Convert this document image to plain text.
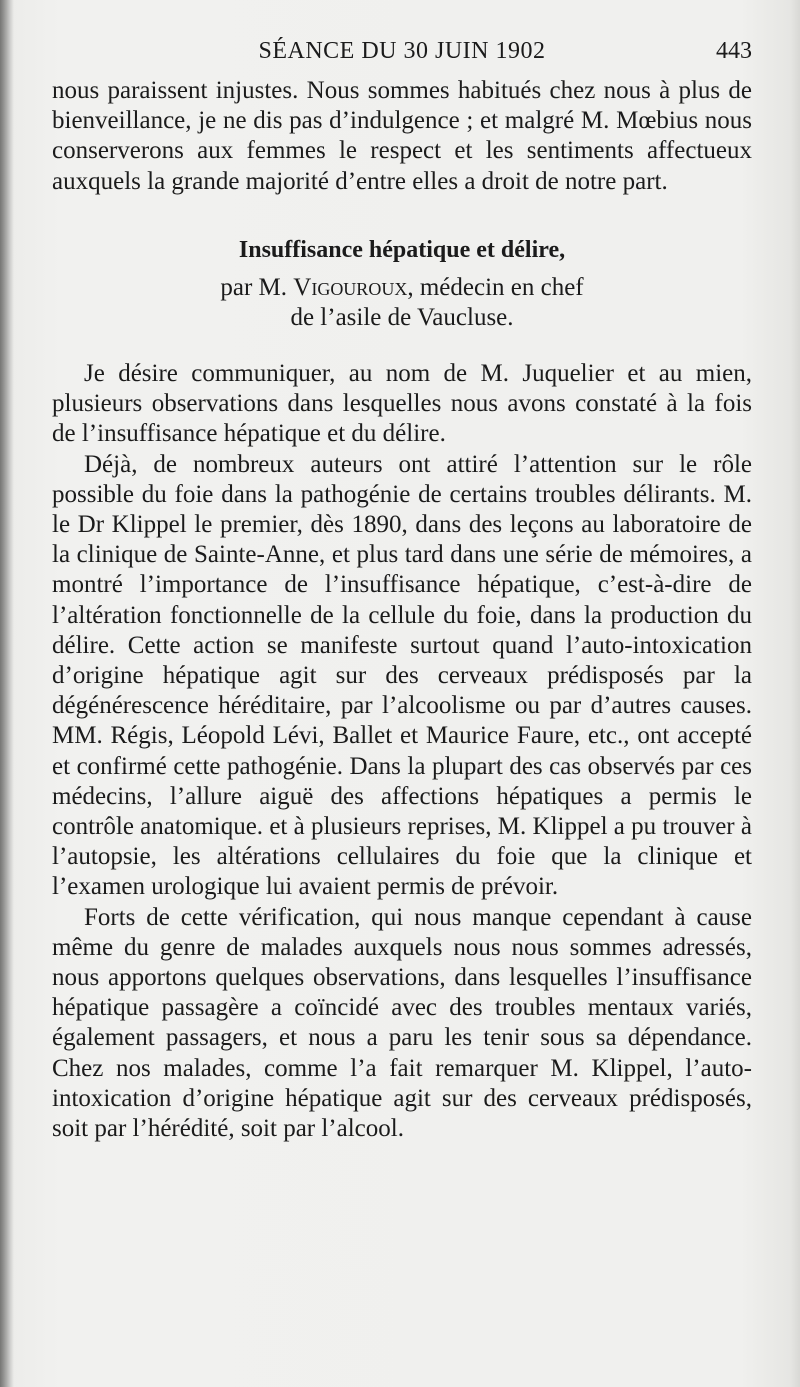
SÉANCE DU 30 JUIN 1902	443

nous paraissent injustes. Nous sommes habitués chez nous à plus de bienveillance, je ne dis pas d’indulgence ; et malgré M. Mœbius nous conserverons aux femmes le respect et les sentiments affectueux auxquels la grande majorité d’entre elles a droit de notre part.

Insuffisance hépatique et délire,

par M. Vigouroux, médecin en chef
de l’asile de Vaucluse.

Je désire communiquer, au nom de M. Juquelier et au mien, plusieurs observations dans lesquelles nous avons constaté à la fois de l’insuffisance hépatique et du délire.

Déjà, de nombreux auteurs ont attiré l’attention sur le rôle possible du foie dans la pathogénie de certains troubles délirants. M. le Dr Klippel le premier, dès 1890, dans des leçons au laboratoire de la clinique de Sainte-Anne, et plus tard dans une série de mémoires, a montré l’importance de l’insuffisance hépatique, c’est-à-dire de l’altération fonctionnelle de la cellule du foie, dans la production du délire. Cette action se manifeste surtout quand l’auto-intoxication d’origine hépatique agit sur des cerveaux prédisposés par la dégénérescence héréditaire, par l’alcoolisme ou par d’autres causes. MM. Régis, Léopold Lévi, Ballet et Maurice Faure, etc., ont accepté et confirmé cette pathogénie. Dans la plupart des cas observés par ces médecins, l’allure aiguë des affections hépatiques a permis le contrôle anatomique. et à plusieurs reprises, M. Klippel a pu trouver à l’autopsie, les altérations cellulaires du foie que la clinique et l’examen urologique lui avaient permis de prévoir.

Forts de cette vérification, qui nous manque cependant à cause même du genre de malades auxquels nous nous sommes adressés, nous apportons quelques observations, dans lesquelles l’insuffisance hépatique passagère a coïncidé avec des troubles mentaux variés, également passagers, et nous a paru les tenir sous sa dépendance. Chez nos malades, comme l’a fait remarquer M. Klippel, l’auto-intoxication d’origine hépatique agit sur des cerveaux prédisposés, soit par l’hérédité, soit par l’alcool.
